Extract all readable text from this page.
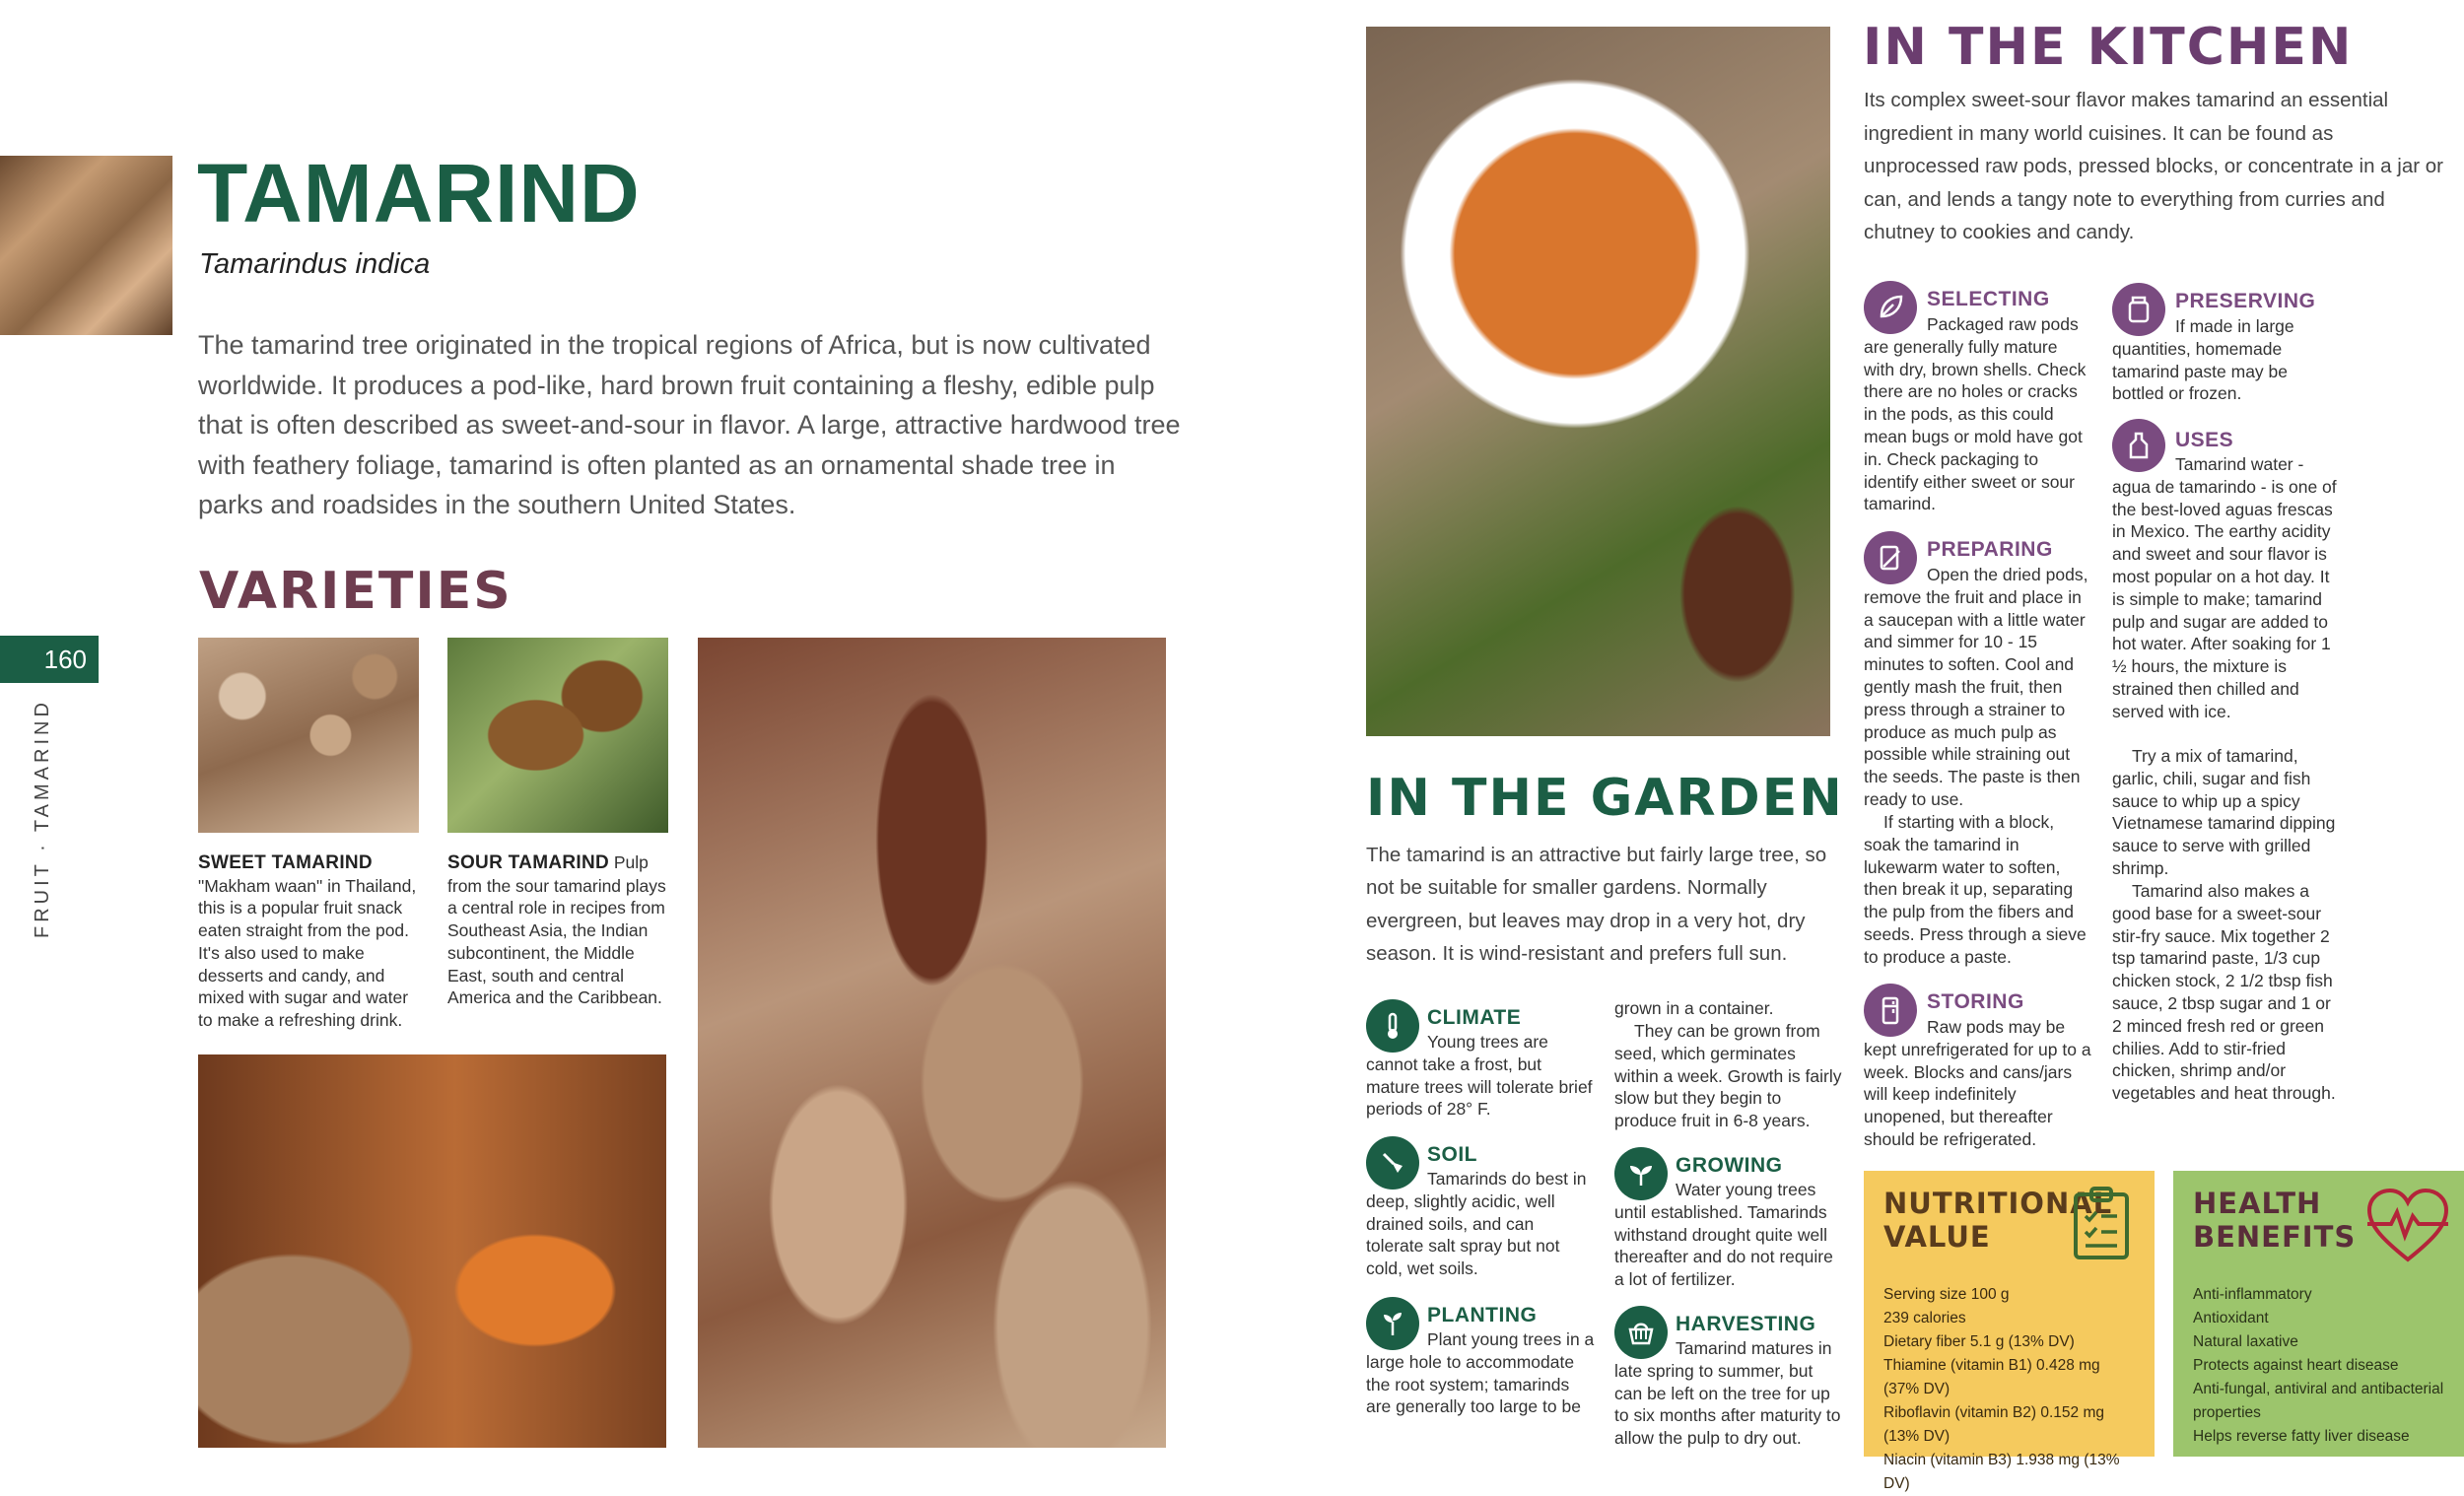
TAMARIND
Tamarindus indica
The tamarind tree originated in the tropical regions of Africa, but is now cultivated worldwide. It produces a pod-like, hard brown fruit containing a fleshy, edible pulp that is often described as sweet-and-sour in flavor. A large, attractive hardwood tree with feathery foliage, tamarind is often planted as an ornamental shade tree in parks and roadsides in the southern United States.
VARIETIES
160
FRUIT · TAMARIND	SWEET TAMARIND
"Makham waan" in Thailand, this is a popular fruit snack eaten straight from the pod. It's also used to make desserts and candy, and mixed with sugar and water to make a refreshing drink.
SOUR TAMARIND Pulp from the sour tamarind plays a central role in recipes from Southeast Asia, the Indian subcontinent, the Middle East, south and central America and the Caribbean.
IN THE KITCHEN
Its complex sweet-sour flavor makes tamarind an essential ingredient in many world cuisines. It can be found as unprocessed raw pods, pressed blocks, or concentrate in a jar or can, and lends a tangy note to everything from curries and chutney to cookies and candy.
SELECTING
Packaged raw pods are generally fully mature with dry, brown shells. Check there are no holes or cracks in the pods, as this could mean bugs or mold have got in. Check packaging to identify either sweet or sour tamarind.
PREPARING
Open the dried pods, remove the fruit and place in a saucepan with a little water and simmer for 10 - 15 minutes to soften. Cool and gently mash the fruit, then press through a strainer to produce as much pulp as possible while straining out the seeds. The paste is then ready to use.
If starting with a block, soak the tamarind in lukewarm water to soften, then break it up, separating the pulp from the fibers and seeds. Press through a sieve to produce a paste.
STORING
Raw pods may be kept unrefrigerated for up to a week. Blocks and cans/jars will keep indefinitely unopened, but thereafter should be refrigerated.
PRESERVING
If made in large quantities, homemade tamarind paste may be bottled or frozen.
USES
Tamarind water - agua de tamarindo - is one of the best-loved aguas frescas in Mexico. The earthy acidity and sweet and sour flavor is most popular on a hot day. It is simple to make; tamarind pulp and sugar are added to hot water. After soaking for 1 ½ hours, the mixture is strained then chilled and served with ice.
Try a mix of tamarind, garlic, chili, sugar and fish sauce to whip up a spicy Vietnamese tamarind dipping sauce to serve with grilled shrimp.
Tamarind also makes a good base for a sweet-sour stir-fry sauce. Mix together 2 tsp tamarind paste, 1/3 cup chicken stock, 2 1/2 tbsp fish sauce, 2 tbsp sugar and 1 or 2 minced fresh red or green chilies. Add to stir-fried chicken, shrimp and/or vegetables and heat through.
IN THE GARDEN
The tamarind is an attractive but fairly large tree, so not be suitable for smaller gardens. Normally evergreen, but leaves may drop in a very hot, dry season. It is wind-resistant and prefers full sun.
CLIMATE
Young trees are cannot take a frost, but mature trees will tolerate brief periods of 28° F.
SOIL
Tamarinds do best in deep, slightly acidic, well drained soils, and can tolerate salt spray but not cold, wet soils.
PLANTING
Plant young trees in a large hole to accommodate the root system; tamarinds are generally too large to be
grown in a container.
They can be grown from seed, which germinates within a week. Growth is fairly slow but they begin to produce fruit in 6-8 years.
GROWING
Water young trees until established. Tamarinds withstand drought quite well thereafter and do not require a lot of fertilizer.
HARVESTING
Tamarind matures in late spring to summer, but can be left on the tree for up to six months after maturity to allow the pulp to dry out.
NUTRITIONAL
VALUE
Serving size 100 g
239 calories
Dietary fiber 5.1 g (13% DV)
Thiamine (vitamin B1) 0.428 mg (37% DV)
Riboflavin (vitamin B2) 0.152 mg (13% DV)
Niacin (vitamin B3) 1.938 mg (13% DV)
HEALTH
BENEFITS
Anti-inflammatory
Antioxidant
Natural laxative
Protects against heart disease
Anti-fungal, antiviral and antibacterial properties
Helps reverse fatty liver disease
